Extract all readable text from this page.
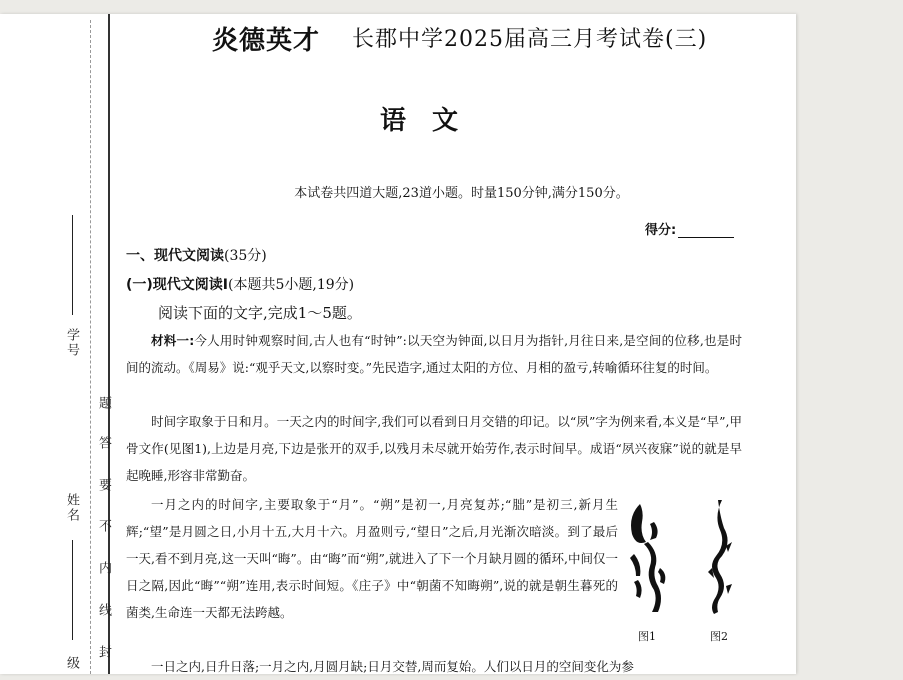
学号
姓名
级
题
答
要
不
内
线
封
炎德英才 长郡中学2025届高三月考试卷(三)
语文
本试卷共四道大题,23道小题。时量150分钟,满分150分。
得分:
一、现代文阅读(35分)
(一)现代文阅读Ⅰ(本题共5小题,19分)
阅读下面的文字,完成1～5题。
材料一:今人用时钟观察时间,古人也有“时钟”:以天空为钟面,以日月为指针,月往日来,是空间的位移,也是时间的流动。《周易》说:“观乎天文,以察时变。”先民造字,通过太阳的方位、月相的盈亏,转喻循环往复的时间。
时间字取象于日和月。一天之内的时间字,我们可以看到日月交错的印记。以“夙”字为例来看,本义是“早”,甲骨文作(见图1),上边是月亮,下边是张开的双手,以残月未尽就开始劳作,表示时间早。成语“夙兴夜寐”说的就是早起晚睡,形容非常勤奋。
一月之内的时间字,主要取象于“月”。“朔”是初一,月亮复苏;“朏”是初三,新月生辉;“望”是月圆之日,小月十五,大月十六。月盈则亏,“望日”之后,月光渐次暗淡。到了最后一天,看不到月亮,这一天叫“晦”。由“晦”而“朔”,就进入了下一个月缺月圆的循环,中间仅一日之隔,因此“晦”“朔”连用,表示时间短。《庄子》中“朝菌不知晦朔”,说的就是朝生暮死的菌类,生命连一天都无法跨越。
一日之内,日升日落;一月之内,月圆月缺;日月交替,周而复始。人们以日月的空间变化为参
图1	图2
